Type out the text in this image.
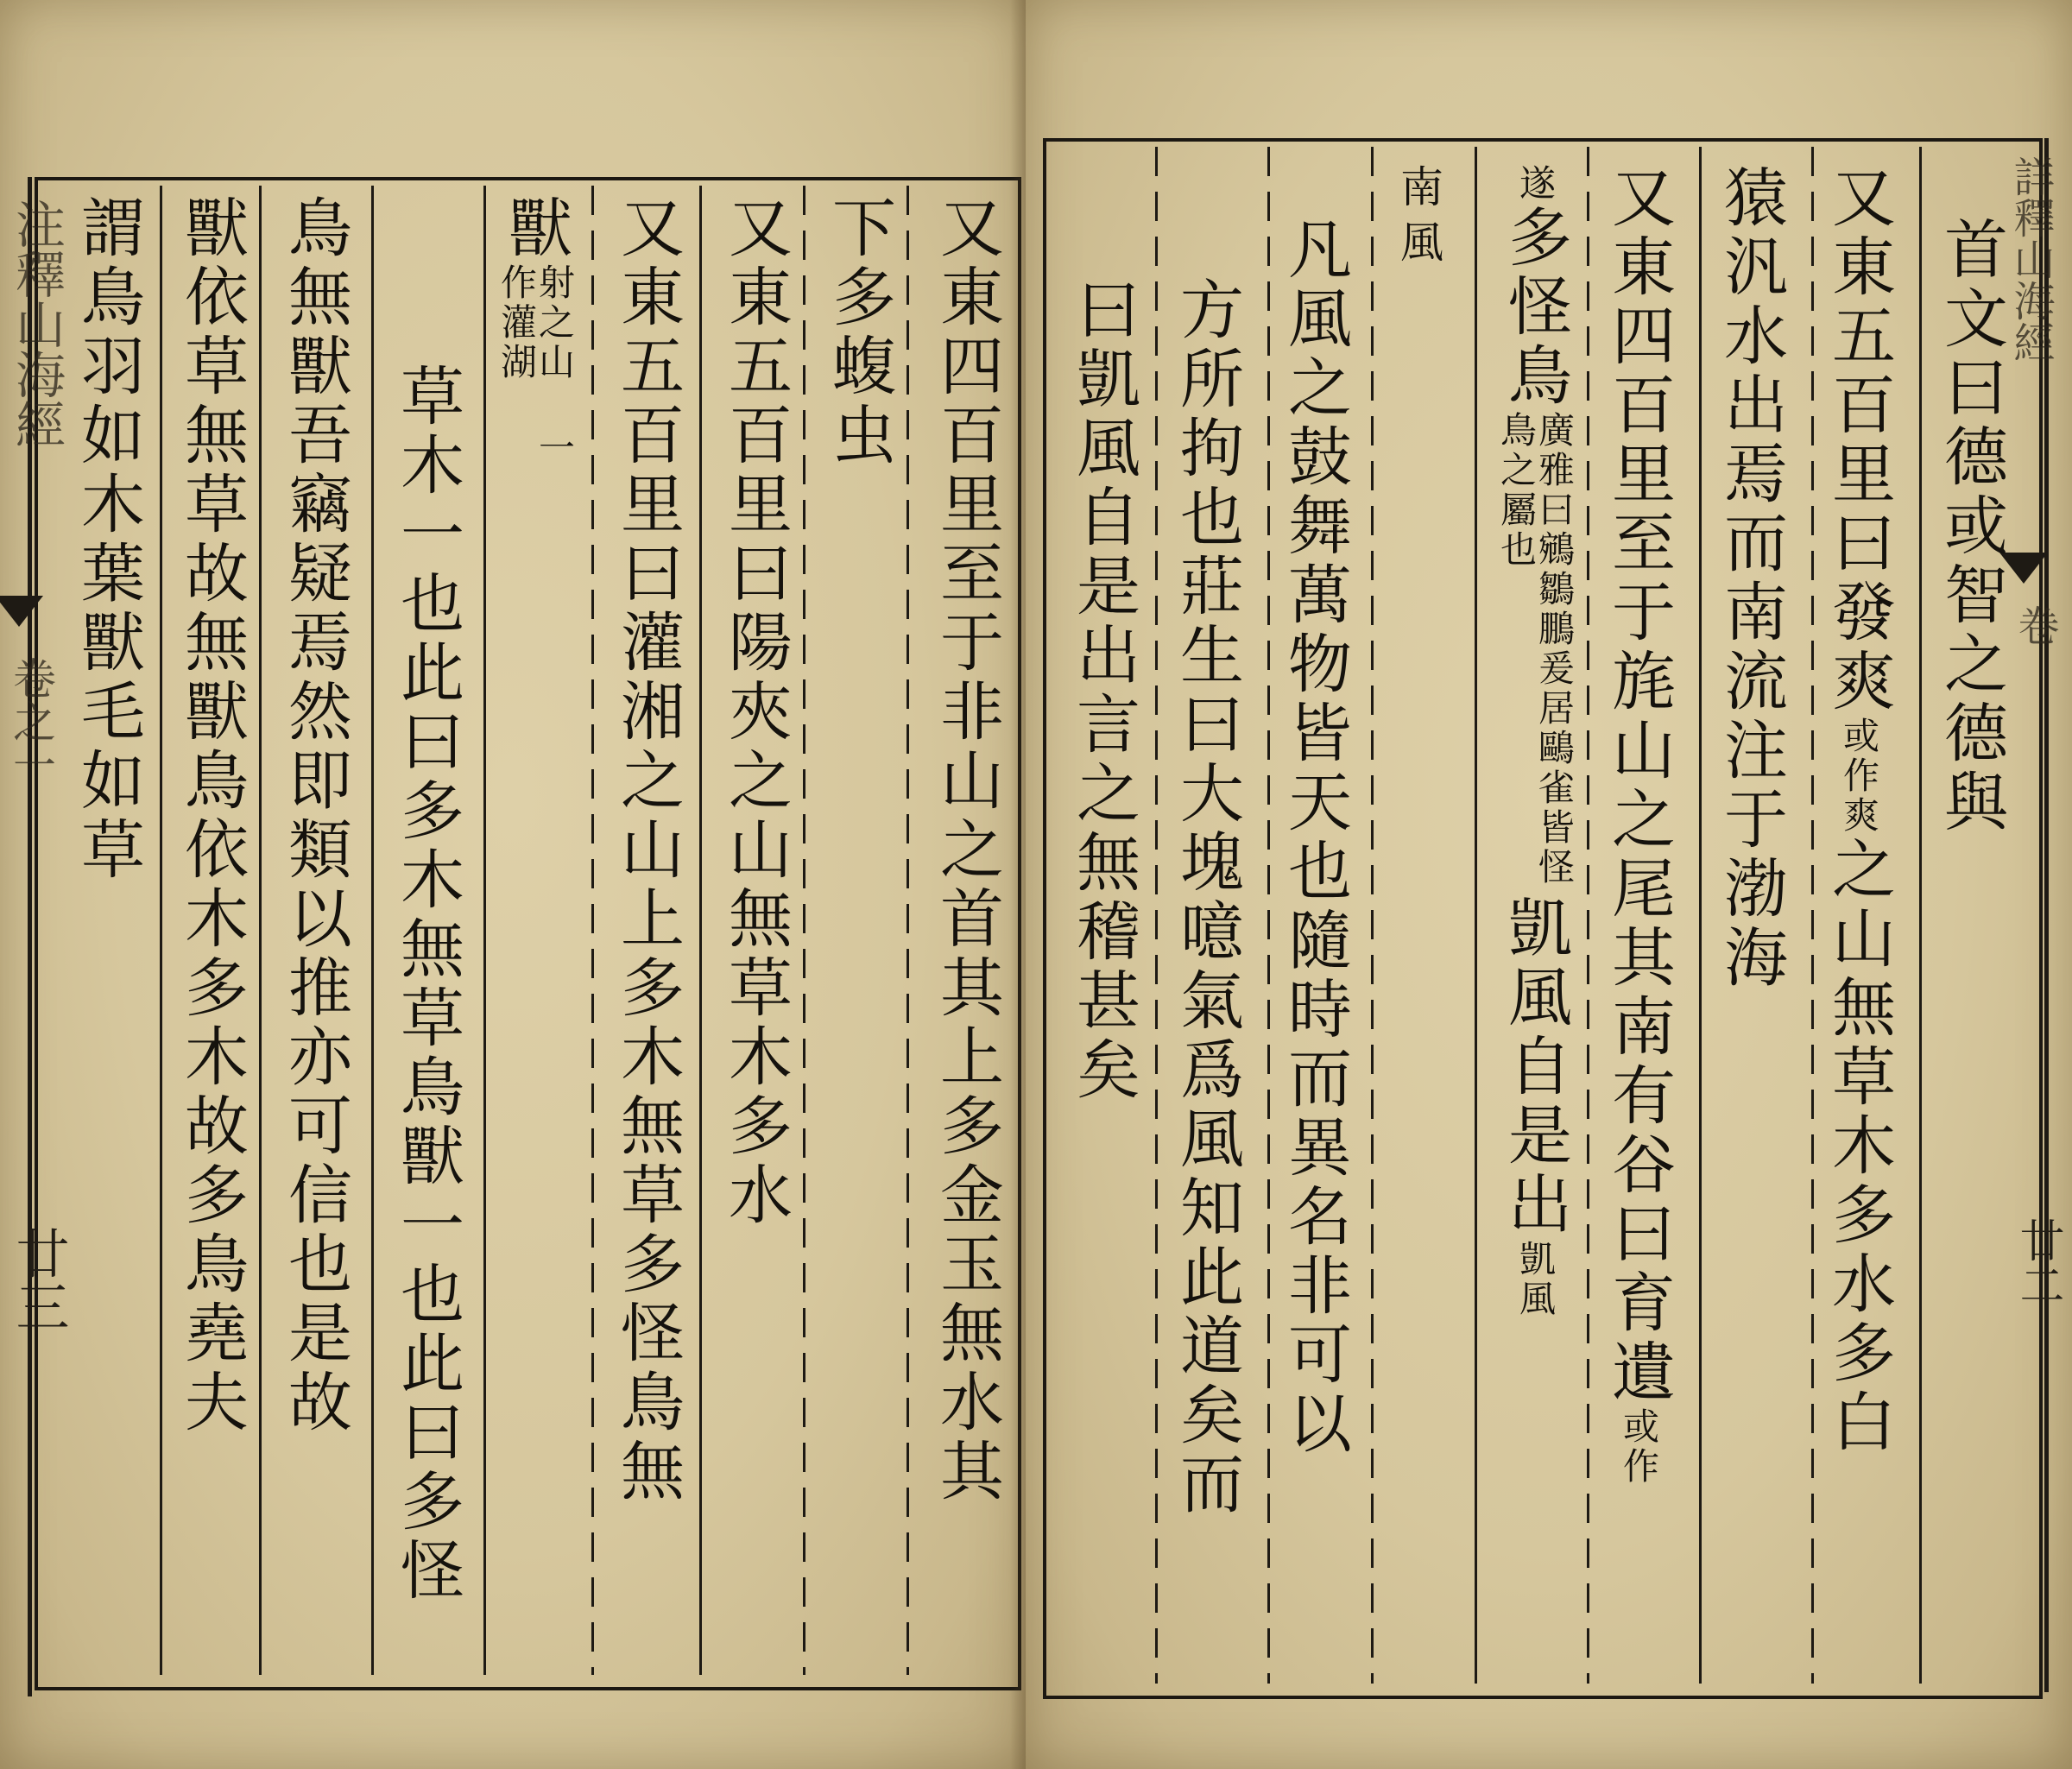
注釋山海經
卷之一
廿三	又東四百里至于非山之首其上多金玉無水其
下多蝮虫
又東五百里曰陽夾之山無草木多水
又東五百里曰灌湘之山上多木無草多怪鳥無
獸
射之山 一作灌湖
草木一也此曰多木無草鳥獸一也此曰多怪
鳥無獸吾竊疑焉然即類以推亦可信也是故
獸依草無草故無獸鳥依木多木故多鳥堯夫
謂鳥羽如木葉獸毛如草	詳釋山海經
卷
廿二
首文曰德或智之德與
又東五百里曰發爽
或作爽
之山無草木多水多白
猿汎水出焉而南流注于渤海
又東四百里至于旄山之尾其南有谷曰育遺
或作
遂
多怪鳥
廣雅曰鵷鶵鵬爰居鷗雀皆怪鳥之屬也
凱風自是出
凱風
南風
凡風之鼓舞萬物皆天也隨時而異名非可以
方所拘也莊生曰大塊噫氣爲風知此道矣而
曰凱風自是出言之無稽甚矣
